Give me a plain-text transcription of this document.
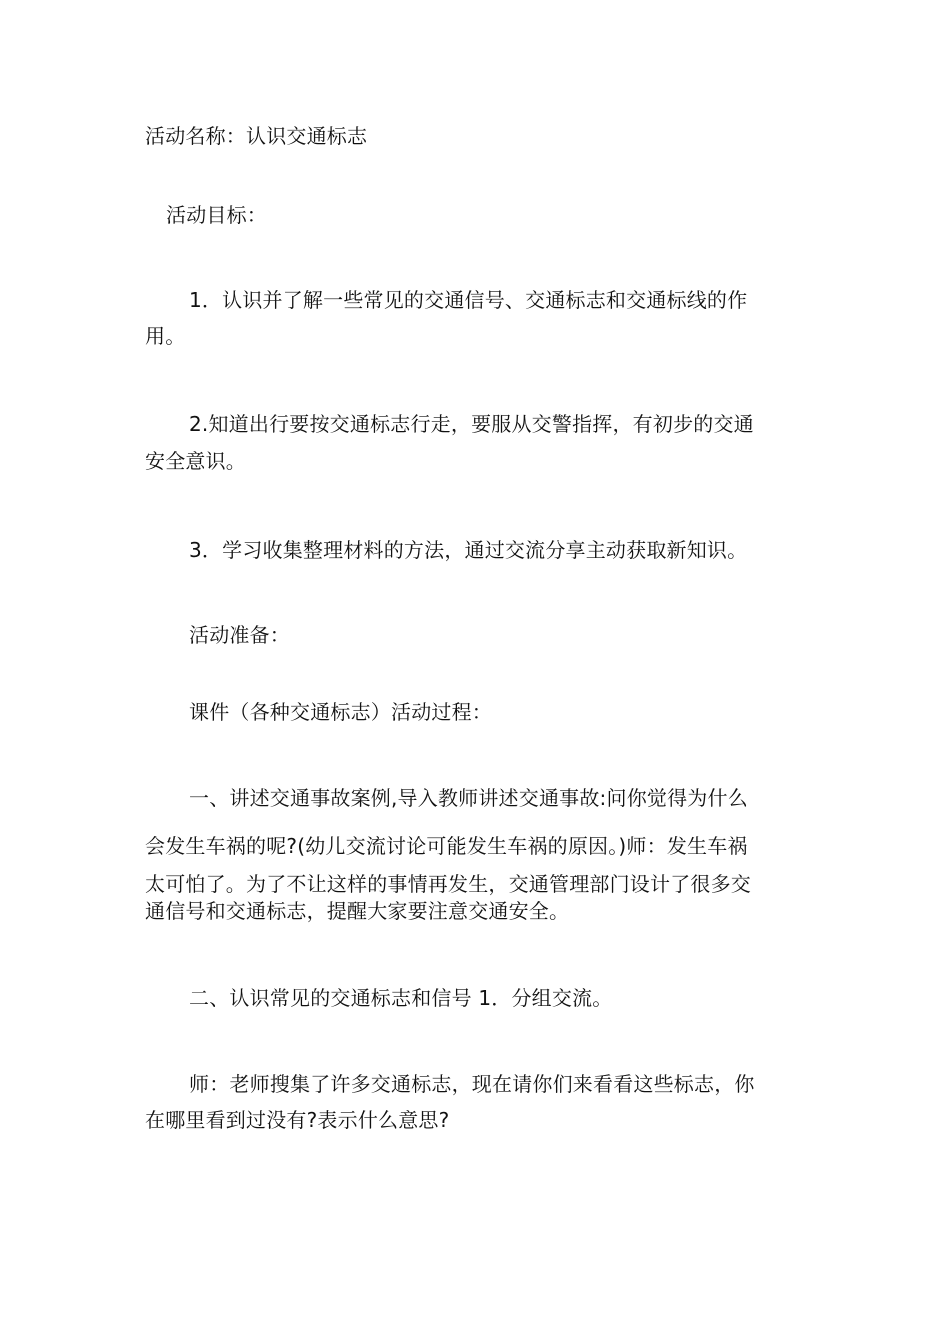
活动名称：认识交通标志
活动目标：
1．认识并了解一些常见的交通信号、交通标志和交通标线的作
用。
2.知道出行要按交通标志行走，要服从交警指挥，有初步的交通
安全意识。
3．学习收集整理材料的方法，通过交流分享主动获取新知识。
活动准备：
课件（各种交通标志）活动过程：
一、讲述交通事故案例,导入教师讲述交通事故:问你觉得为什么
会发生车祸的呢?(幼儿交流讨论可能发生车祸的原因。)师：发生车祸
太可怕了。为了不让这样的事情再发生，交通管理部门设计了很多交
通信号和交通标志，提醒大家要注意交通安全。
二、认识常见的交通标志和信号 1．分组交流。
师：老师搜集了许多交通标志，现在请你们来看看这些标志，你
在哪里看到过没有?表示什么意思?
